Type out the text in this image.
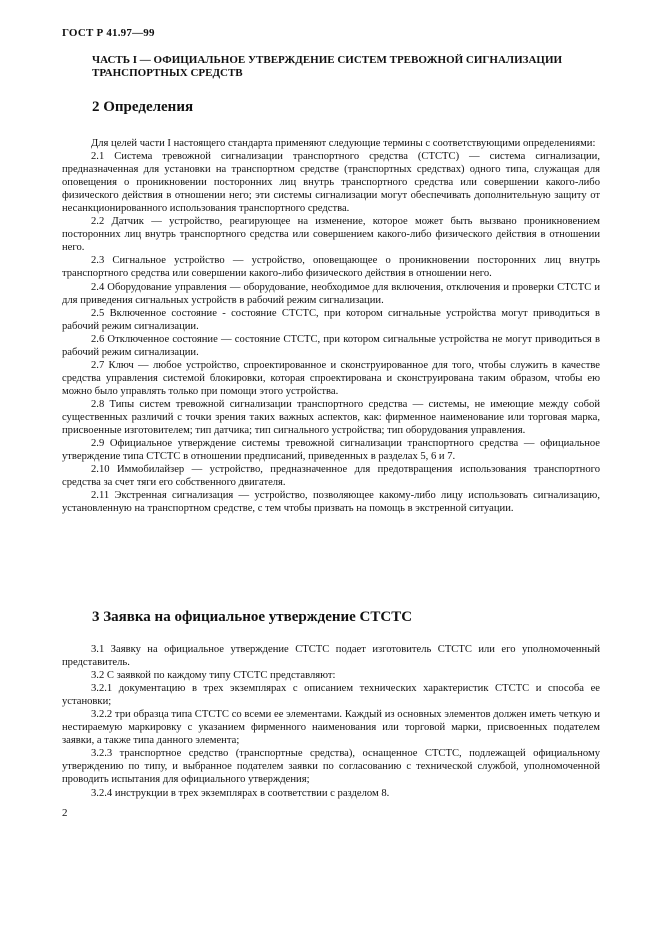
ГОСТ Р 41.97—99
ЧАСТЬ I — ОФИЦИАЛЬНОЕ УТВЕРЖДЕНИЕ СИСТЕМ ТРЕВОЖНОЙ СИГНАЛИЗАЦИИ ТРАНСПОРТНЫХ СРЕДСТВ
2 Определения

Для целей части I настоящего стандарта применяют следующие термины с соответствующими определениями:

2.1 Система тревожной сигнализации транспортного средства (СТСТС) — система сигнализации, предназначенная для установки на транспортном средстве (транспортных средствах) одного типа, служащая для оповещения о проникновении посторонних лиц внутрь транспортного средства или совершении какого-либо физического действия в отношении него; эти системы сигнализации могут обеспечивать дополнительную защиту от несанкционированного использования транспортного средства.

2.2 Датчик — устройство, реагирующее на изменение, которое может быть вызвано проникновением посторонних лиц внутрь транспортного средства или совершением какого-либо физического действия в отношении него.

2.3 Сигнальное устройство — устройство, оповещающее о проникновении посторонних лиц внутрь транспортного средства или совершении какого-либо физического действия в отношении него.

2.4 Оборудование управления — оборудование, необходимое для включения, отключения и проверки СТСТС и для приведения сигнальных устройств в рабочий режим сигнализации.

2.5 Включенное состояние - состояние СТСТС, при котором сигнальные устройства могут приводиться в рабочий режим сигнализации.

2.6 Отключенное состояние — состояние СТСТС, при котором сигнальные устройства не могут приводиться в рабочий режим сигнализации.

2.7 Ключ — любое устройство, спроектированное и сконструированное для того, чтобы служить в качестве средства управления системой блокировки, которая спроектирована и сконструирована таким образом, чтобы ею можно было управлять только при помощи этого устройства.

2.8 Типы систем тревожной сигнализации транспортного средства — системы, не имеющие между собой существенных различий с точки зрения таких важных аспектов, как: фирменное наименование или торговая марка, присвоенные изготовителем; тип датчика; тип сигнального устройства; тип оборудования управления.

2.9 Официальное утверждение системы тревожной сигнализации транспортного средства — официальное утверждение типа СТСТС в отношении предписаний, приведенных в разделах 5, 6 и 7.

2.10 Иммобилайзер — устройство, предназначенное для предотвращения использования транспортного средства за счет тяги его собственного двигателя.

2.11 Экстренная сигнализация — устройство, позволяющее какому-либо лицу использовать сигнализацию, установленную на транспортном средстве, с тем чтобы призвать на помощь в экстренной ситуации.

3 Заявка на официальное утверждение СТСТС

3.1 Заявку на официальное утверждение СТСТС подает изготовитель СТСТС или его уполномоченный представитель.

3.2 С заявкой по каждому типу СТСТС представляют:

3.2.1 документацию в трех экземплярах с описанием технических характеристик СТСТС и способа ее установки;

3.2.2 три образца типа СТСТС со всеми ее элементами. Каждый из основных элементов должен иметь четкую и нестираемую маркировку с указанием фирменного наименования или торговой марки, присвоенных подателем заявки, а также типа данного элемента;

3.2.3 транспортное средство (транспортные средства), оснащенное СТСТС, подлежащей официальному утверждению по типу, и выбранное подателем заявки по согласованию с технической службой, уполномоченной проводить испытания для официального утверждения;

3.2.4 инструкции в трех экземплярах в соответствии с разделом 8.

2
